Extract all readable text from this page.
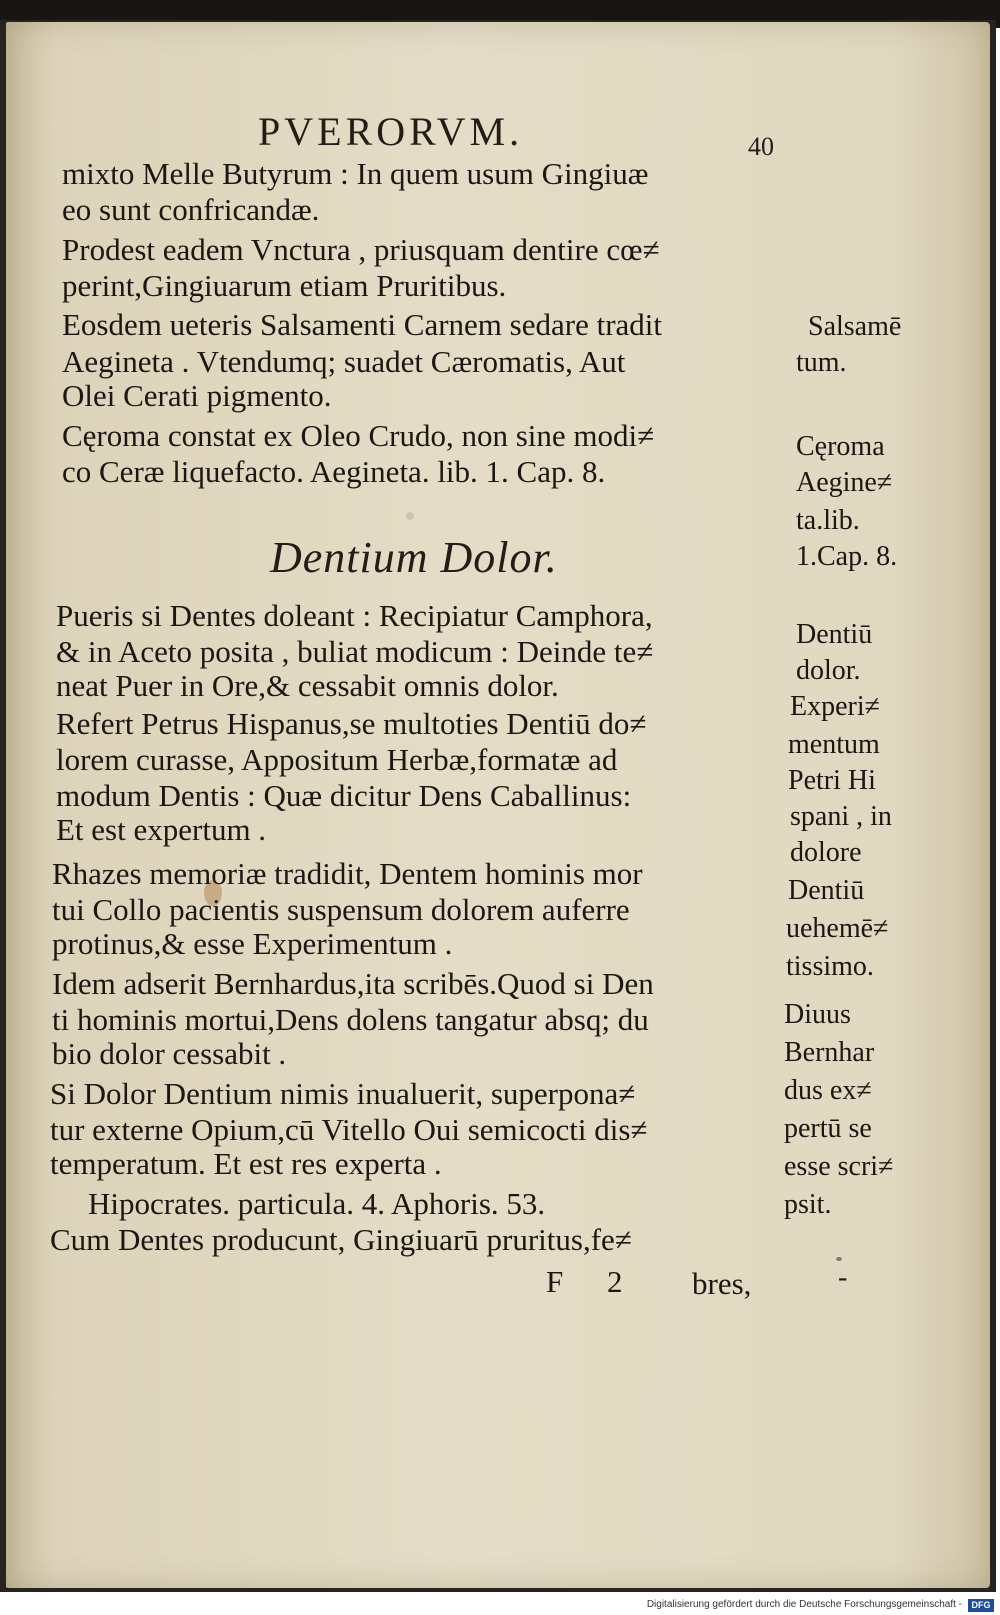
PVERORVM.	40
mixto Melle Butyrum : In quem usum Gingiuæ
eo sunt confricandæ.
Prodest eadem Vnctura , priusquam dentire cœ≠
perint,Gingiuarum etiam Pruritibus.
Eosdem ueteris Salsamenti Carnem sedare tradit
Aegineta . Vtendumq; suadet Cæromatis, Aut
Olei Cerati pigmento.
Cęroma constat ex Oleo Crudo, non sine modi≠
co Ceræ liquefacto. Aegineta. lib. 1. Cap. 8.
Dentium Dolor.
Pueris si Dentes doleant : Recipiatur Camphora,
& in Aceto posita , buliat modicum : Deinde te≠
neat Puer in Ore,& cessabit omnis dolor.
Refert Petrus Hispanus,se multoties Dentiū do≠
lorem curasse, Appositum Herbæ,formatæ ad
modum Dentis : Quæ dicitur Dens Caballinus:
Et est expertum .
Rhazes memoriæ tradidit, Dentem hominis mor
tui Collo pacientis suspensum dolorem auferre
protinus,& esse Experimentum .
Idem adserit Bernhardus,ita scribēs.Quod si Den
ti hominis mortui,Dens dolens tangatur absq; du
bio dolor cessabit .
Si Dolor Dentium nimis inualuerit, superpona≠
tur externe Opium,cū Vitello Oui semicocti dis≠
temperatum. Et est res experta .
Hipocrates. particula. 4. Aphoris. 53.
Cum Dentes producunt, Gingiuarū pruritus,fe≠
F 2 bres,
Salsamē
tum.
Cęroma
Aegine≠
ta.lib.
1.Cap. 8.
Dentiū
dolor.
Experi≠
mentum
Petri Hi
spani , in
dolore
Dentiū
uehemē≠
tissimo.
Diuus
Bernhar
dus ex≠
pertū se
esse scri≠
psit.
-
Digitalisierung gefördert durch die Deutsche Forschungsgemeinschaft -	DFG
